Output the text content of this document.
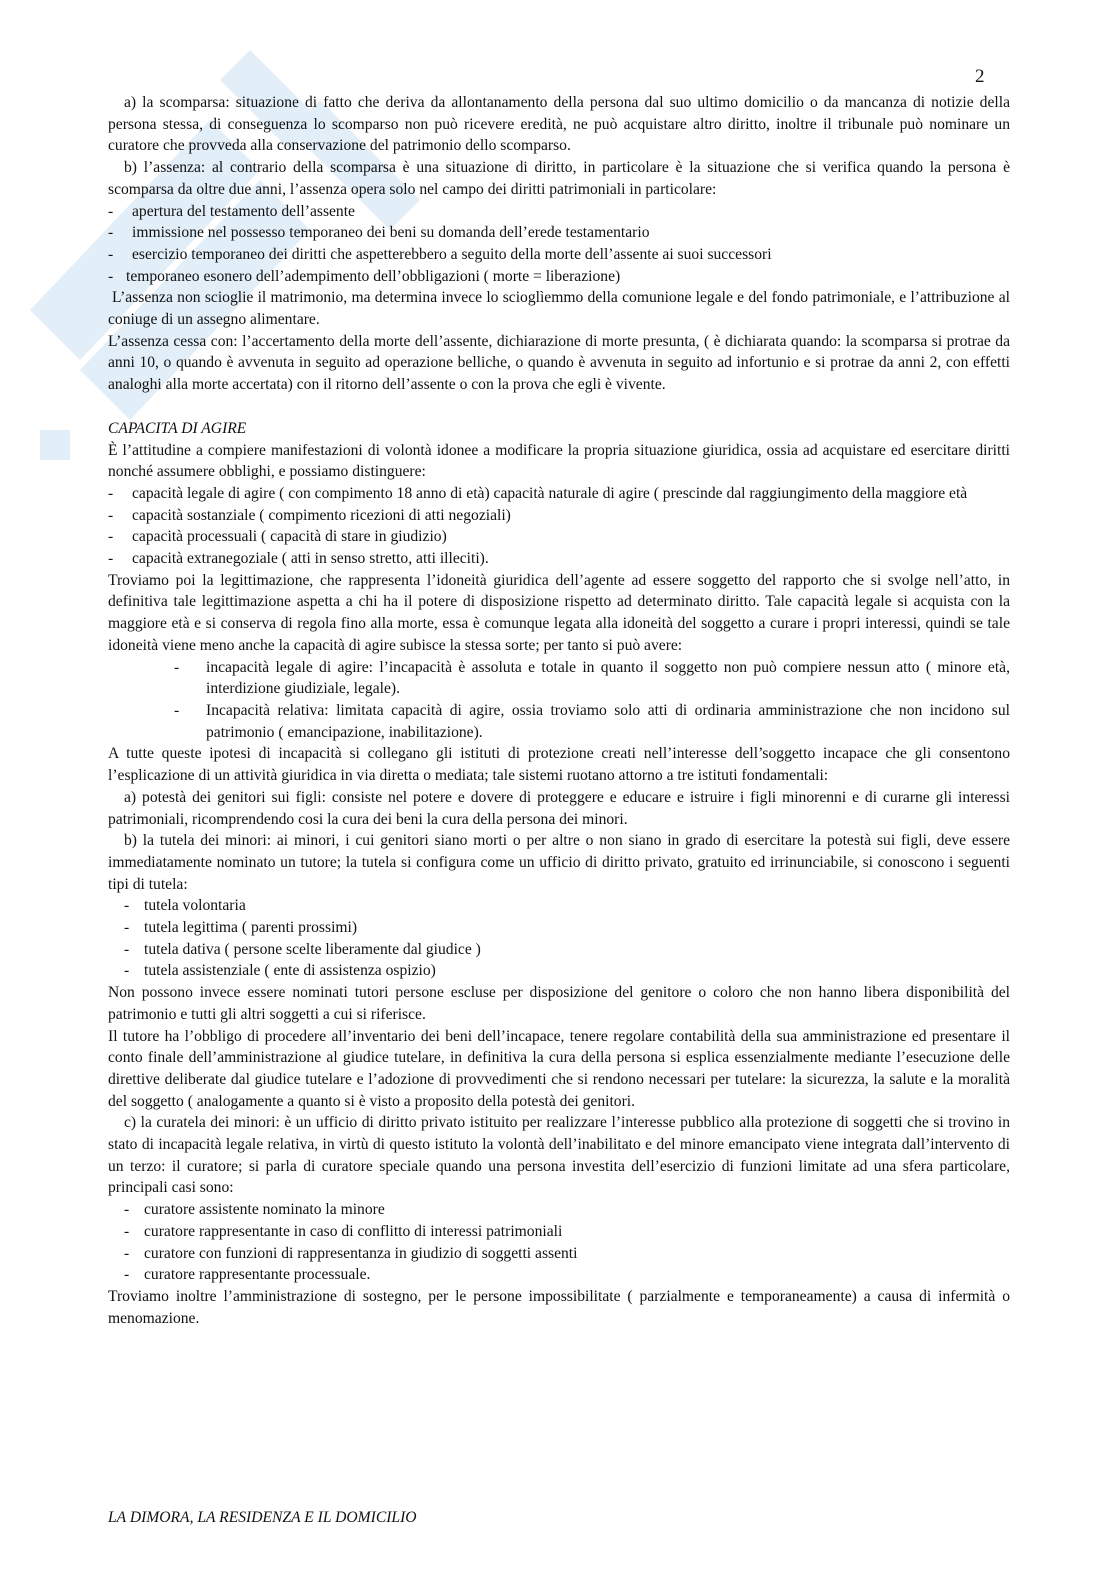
2

a) la scomparsa: situazione di fatto che deriva da allontanamento della persona dal suo ultimo domicilio o da mancanza di notizie della persona stessa, di conseguenza lo scomparso non può ricevere eredità, ne può acquistare altro diritto, inoltre il tribunale può nominare un curatore che provveda alla conservazione del patrimonio dello scomparso.

b) l’assenza: al contrario della scomparsa è una situazione di diritto, in particolare è la situazione che si verifica quando la persona è scomparsa da oltre due anni, l’assenza opera solo nel campo dei diritti patrimoniali in particolare:

-	apertura del testamento dell’assente
-	immissione nel possesso temporaneo dei beni su domanda dell’erede testamentario
-	esercizio temporaneo dei diritti che aspetterebbero a seguito della morte dell’assente ai suoi successori
- temporaneo esonero dell’adempimento dell’obbligazioni ( morte = liberazione)

L’assenza non scioglie il matrimonio, ma determina invece lo scioglìemmo della comunione legale e del fondo patrimoniale, e l’attribuzione al coniuge di un assegno alimentare.

L’assenza cessa con: l’accertamento della morte dell’assente, dichiarazione di morte presunta, ( è dichiarata quando: la scomparsa si protrae da anni 10, o quando è avvenuta in seguito ad operazione belliche, o quando è avvenuta in seguito ad infortunio e si protrae da anni 2, con effetti analoghi alla morte accertata) con il ritorno dell’assente o con la prova che egli è vivente.

CAPACITA DI AGIRE

È l’attitudine a compiere manifestazioni di volontà idonee a modificare la propria situazione giuridica, ossia ad acquistare ed esercitare diritti nonché assumere obblighi, e possiamo distinguere:

-	capacità legale di agire ( con compimento 18 anno di età) capacità naturale di agire ( prescinde dal raggiungimento della maggiore età
-	capacità sostanziale ( compimento ricezioni di atti negoziali)
-	capacità processuali ( capacità di stare in giudizio)
-	capacità extranegoziale ( atti in senso stretto, atti illeciti).

Troviamo poi la legittimazione, che rappresenta l’idoneità giuridica dell’agente ad essere soggetto del rapporto che si svolge nell’atto, in definitiva tale legittimazione aspetta a chi ha il potere di disposizione rispetto ad determinato diritto. Tale capacità legale si acquista con la maggiore età e si conserva di regola fino alla morte, essa è comunque legata alla idoneità del soggetto a curare i propri interessi, quindi se tale idoneità viene meno anche la capacità di agire subisce la stessa sorte; per tanto si può avere:

-	incapacità legale di agire: l’incapacità è assoluta e totale in quanto il soggetto non può compiere nessun atto ( minore età, interdizione giudiziale, legale).
-	Incapacità relativa: limitata capacità di agire, ossia troviamo solo atti di ordinaria amministrazione che non incidono sul patrimonio ( emancipazione, inabilitazione).

A tutte queste ipotesi di incapacità si collegano gli istituti di protezione creati nell’interesse dell’soggetto incapace che gli consentono l’esplicazione di un attività giuridica in via diretta o mediata; tale sistemi ruotano attorno a tre istituti fondamentali:

a) potestà dei genitori sui figli: consiste nel potere e dovere di proteggere e educare e istruire i figli minorenni e di curarne gli interessi patrimoniali, ricomprendendo cosi la cura dei beni la cura della persona dei minori.

b) la tutela dei minori: ai minori, i cui genitori siano morti o per altre o non siano in grado di esercitare la potestà sui figli, deve essere immediatamente nominato un tutore; la tutela si configura come un ufficio di diritto privato, gratuito ed irrinunciabile, si conoscono i seguenti tipi di tutela:

- tutela volontaria
- tutela legittima ( parenti prossimi)
- tutela dativa ( persone scelte liberamente dal giudice )
- tutela assistenziale ( ente di assistenza ospizio)

Non possono invece essere nominati tutori persone escluse per disposizione del genitore o coloro che non hanno libera disponibilità del patrimonio e tutti gli altri soggetti a cui si riferisce.

Il tutore ha l’obbligo di procedere all’inventario dei beni dell’incapace, tenere regolare contabilità della sua amministrazione ed presentare il conto finale dell’amministrazione al giudice tutelare, in definitiva la cura della persona si esplica essenzialmente mediante l’esecuzione delle direttive deliberate dal giudice tutelare e l’adozione di provvedimenti che si rendono necessari per tutelare: la sicurezza, la salute e la moralità del soggetto ( analogamente a quanto si è visto a proposito della potestà dei genitori.

c) la curatela dei minori: è un ufficio di diritto privato istituito per realizzare l’interesse pubblico alla protezione di soggetti che si trovino in stato di incapacità legale relativa, in virtù di questo istituto la volontà dell’inabilitato e del minore emancipato viene integrata dall’intervento di un terzo: il curatore; si parla di curatore speciale quando una persona investita dell’esercizio di funzioni limitate ad una sfera particolare, principali casi sono:

- curatore assistente nominato la minore
- curatore rappresentante in caso di conflitto di interessi patrimoniali
- curatore con funzioni di rappresentanza in giudizio di soggetti assenti
- curatore rappresentante processuale.

Troviamo inoltre l’amministrazione di sostegno, per le persone impossibilitate ( parzialmente e temporaneamente) a causa di infermità o menomazione.

LA DIMORA, LA RESIDENZA E IL DOMICILIO
